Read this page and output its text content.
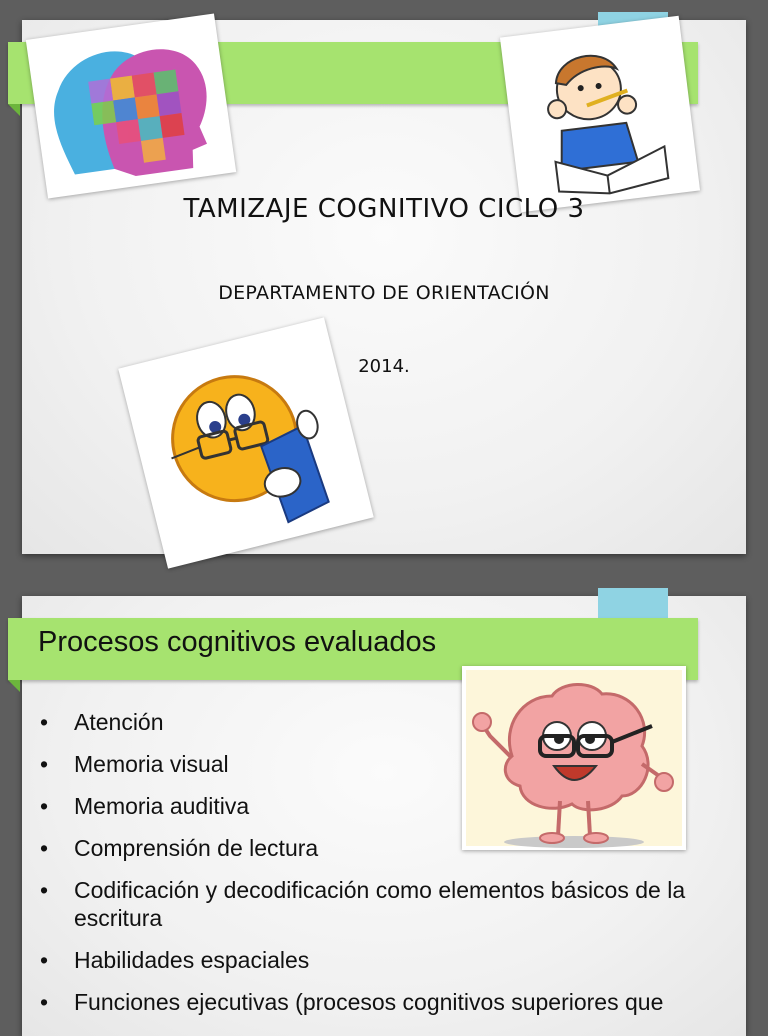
TAMIZAJE COGNITIVO CICLO 3
DEPARTAMENTO DE ORIENTACIÓN
2014.
Procesos cognitivos evaluados
• Atención
• Memoria visual
• Memoria auditiva
• Comprensión de lectura
• Codificación y decodificación como elementos básicos de la escritura
• Habilidades espaciales
• Funciones ejecutivas (procesos cognitivos superiores que
